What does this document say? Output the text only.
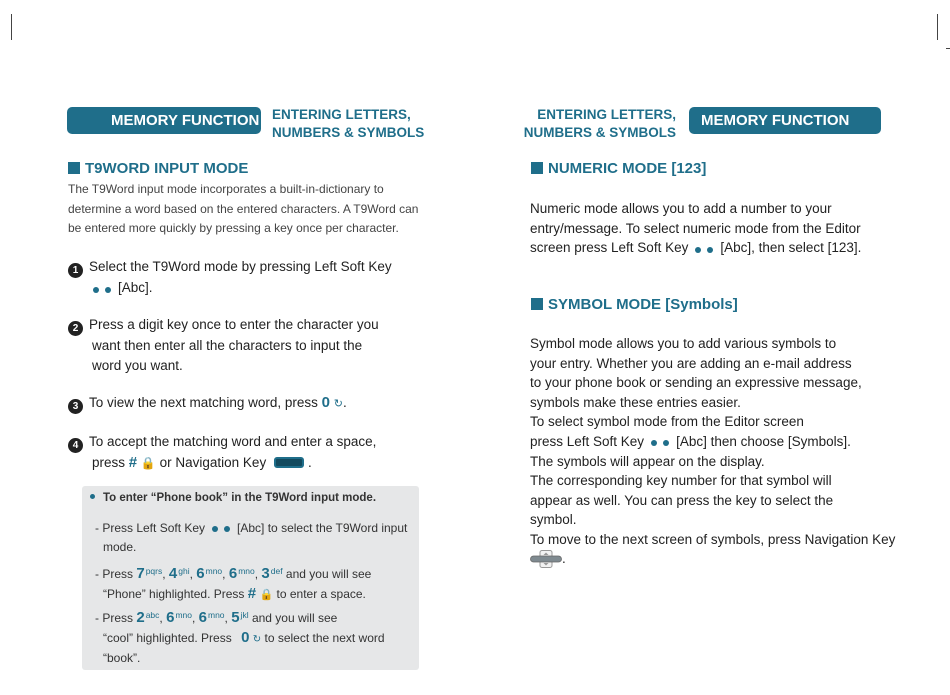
MEMORY FUNCTION ENTERING LETTERS,
NUMBERS & SYMBOLS
ENTERING LETTERS,
NUMBERS & SYMBOLS
MEMORY FUNCTION
T9WORD INPUT MODE
The T9Word input mode incorporates a built-in-dictionary to
determine a word based on the entered characters. A T9Word can
be entered more quickly by pressing a key once per character.
1 Select the T9Word mode by pressing Left Soft Key
[Abc].
2 Press a digit key once to enter the character you
want then enter all the characters to input the
word you want.
3 To view the next matching word, press 0 ↻.
4 To accept the matching word and enter a space,
press # 🔒 or Navigation Key	.
To enter “Phone book” in the T9Word input mode.
- Press Left Soft Key	[Abc] to select the T9Word input
mode.
- Press $7^{pqrs}$, $4^{ghi}$, $6^{mno}$, $6^{mno}$, $3^{def}$ and you will see
“Phone” highlighted. Press # 🔒 to enter a space.
- Press $2^{abc}$, $6^{mno}$, $6^{mno}$, $5^{jkl}$ and you will see
“cool” highlighted. Press 0 ↻ to select the next word
“book”.
NUMERIC MODE [123]
Numeric mode allows you to add a number to your
entry/message. To select numeric mode from the Editor
screen press Left Soft Key [Abc], then select [123].
SYMBOL MODE [Symbols]
Symbol mode allows you to add various symbols to
your entry. Whether you are adding an e-mail address
to your phone book or sending an expressive message,
symbols make these entries easier.
To select symbol mode from the Editor screen
press Left Soft Key [Abc] then choose [Symbols].
The symbols will appear on the display.
The corresponding key number for that symbol will
appear as well. You can press the key to select the
symbol.
To move to the next screen of symbols, press Navigation Key
.
